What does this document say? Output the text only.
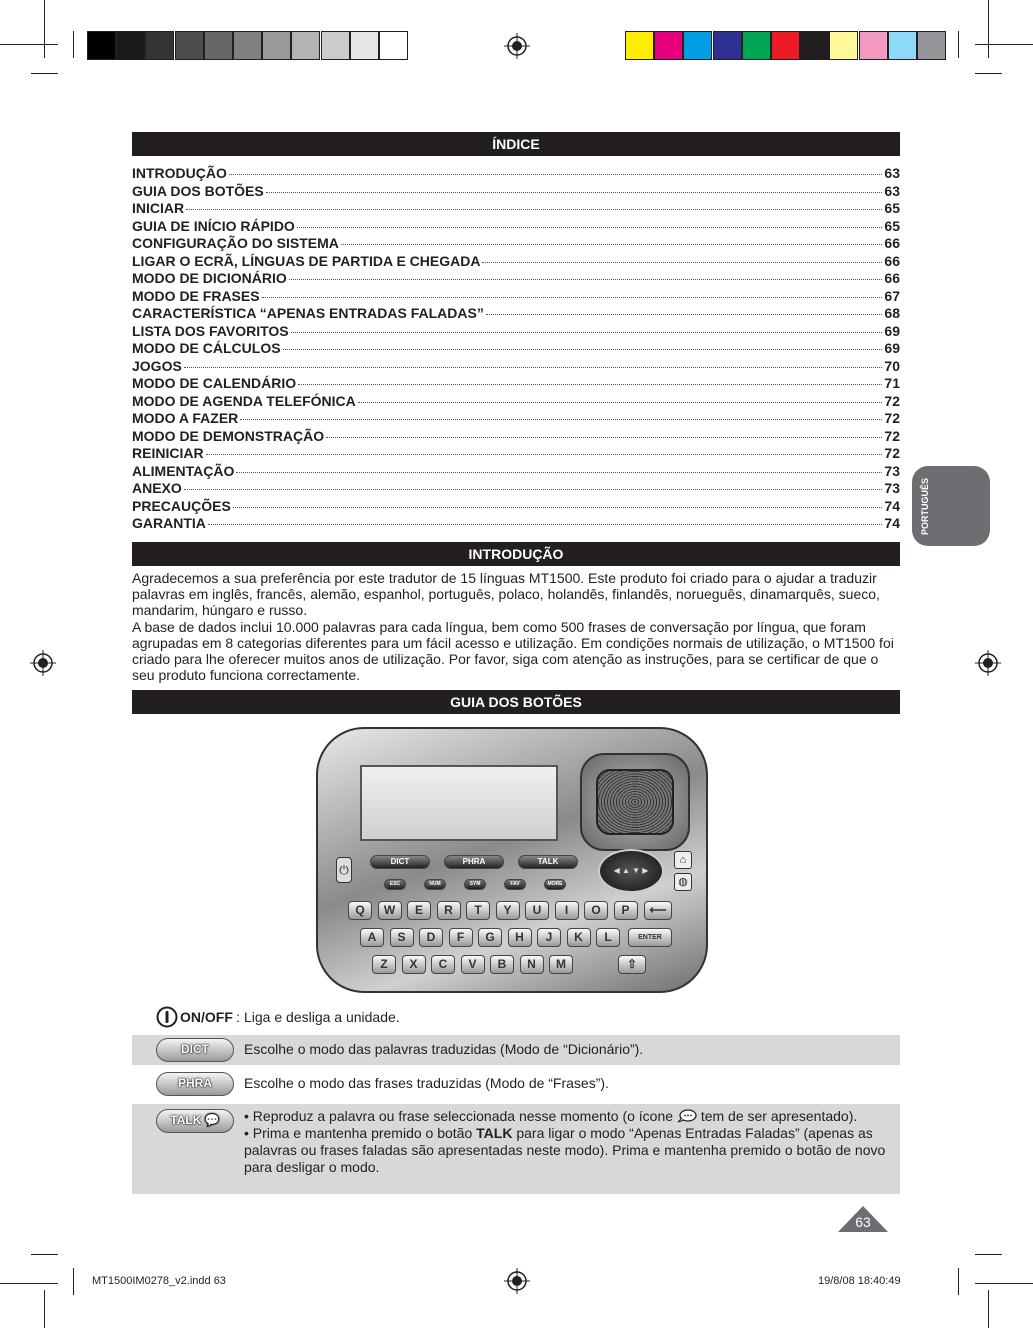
ÍNDICE
INTRODUÇÃO	63
GUIA DOS BOTÕES	63
INICIAR	65
GUIA DE INÍCIO RÁPIDO	65
CONFIGURAÇÃO DO SISTEMA	66
LIGAR O ECRÃ, LÍNGUAS DE PARTIDA E CHEGADA	66
MODO DE DICIONÁRIO	66
MODO DE FRASES	67
CARACTERÍSTICA “APENAS ENTRADAS FALADAS”	68
LISTA DOS FAVORITOS	69
MODO DE CÁLCULOS	69
JOGOS	70
MODO DE CALENDÁRIO	71
MODO DE AGENDA TELEFÓNICA	72
MODO A FAZER	72
MODO DE DEMONSTRAÇÃO	72
REINICIAR	72
ALIMENTAÇÃO	73
ANEXO	73
PRECAUÇÕES	74
GARANTIA	74
INTRODUÇÃO

Agradecemos a sua preferência por este tradutor de 15 línguas MT1500. Este produto foi criado para o ajudar a traduzir palavras em inglês, francês, alemão, espanhol, português, polaco, holandês, finlandês, norueguês, dinamarquês, sueco, mandarim, húngaro e russo.

A base de dados inclui 10.000 palavras para cada língua, bem como 500 frases de conversação por língua, que foram agrupadas em 8 categorias diferentes para um fácil acesso e utilização. Em condições normais de utilização, o MT1500 foi criado para lhe oferecer muitos anos de utilização. Por favor, siga com atenção as instruções, para se certificar de que o seu produto funciona correctamente.

GUIA DOS BOTÕES
⏻
DICT	PHRA	TALK
ESC	NUM	SYM	FAV	MORE
◀ ▲ ▼ ▶
⌂
◍
Q	W	E	R	T	Y	U	I	O	P
A	S	D	F	G	H	J	K	L
Z	X	C	V	B	N	M
ENTER
⟵
⇧
ON/OFF : Liga e desliga a unidade.
DICT	Escolhe o modo das palavras traduzidas (Modo de “Dicionário”).
PHRA	Escolhe o modo das frases traduzidas (Modo de “Frases”).
TALK 💬	• Reproduz a palavra ou frase seleccionada nesse momento (o ícone tem de ser apresentado).
• Prima e mantenha premido o botão TALK para ligar o modo “Apenas Entradas Faladas” (apenas as palavras ou frases faladas são apresentadas neste modo). Prima e mantenha premido o botão de novo para desligar o modo.
PORTUGUÊS
63
MT1500IM0278_v2.indd 63	19/8/08 18:40:49
